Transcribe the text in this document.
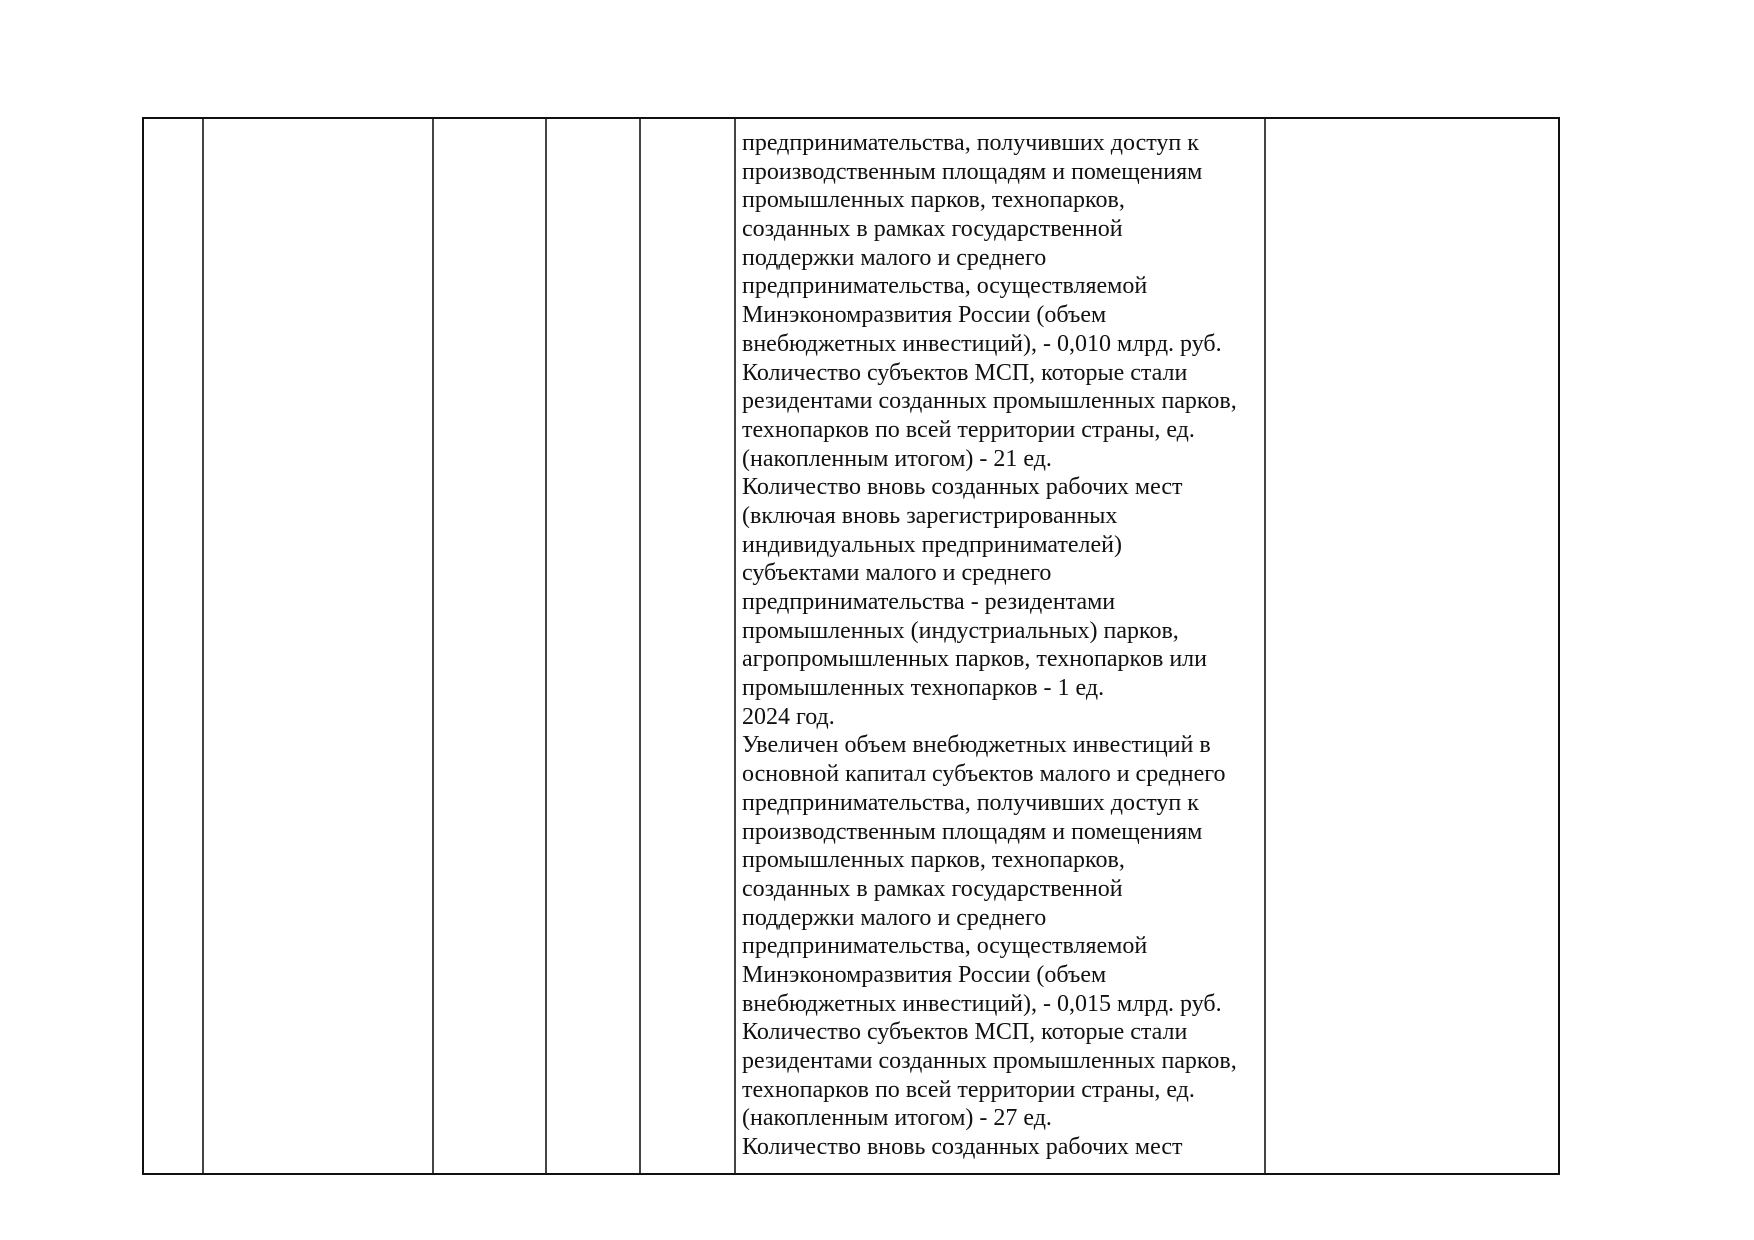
предпринимательства, получивших доступ к
производственным площадям и помещениям
промышленных парков, технопарков,
созданных в рамках государственной
поддержки малого и среднего
предпринимательства, осуществляемой
Минэкономразвития России (объем
внебюджетных инвестиций), - 0,010 млрд. руб.
Количество субъектов МСП, которые стали
резидентами созданных промышленных парков,
технопарков по всей территории страны, ед.
(накопленным итогом) - 21 ед.
Количество вновь созданных рабочих мест
(включая вновь зарегистрированных
индивидуальных предпринимателей)
субъектами малого и среднего
предпринимательства - резидентами
промышленных (индустриальных) парков,
агропромышленных парков, технопарков или
промышленных технопарков - 1 ед.
2024 год.
Увеличен объем внебюджетных инвестиций в
основной капитал субъектов малого и среднего
предпринимательства, получивших доступ к
производственным площадям и помещениям
промышленных парков, технопарков,
созданных в рамках государственной
поддержки малого и среднего
предпринимательства, осуществляемой
Минэкономразвития России (объем
внебюджетных инвестиций), - 0,015 млрд. руб.
Количество субъектов МСП, которые стали
резидентами созданных промышленных парков,
технопарков по всей территории страны, ед.
(накопленным итогом) - 27 ед.
Количество вновь созданных рабочих мест
